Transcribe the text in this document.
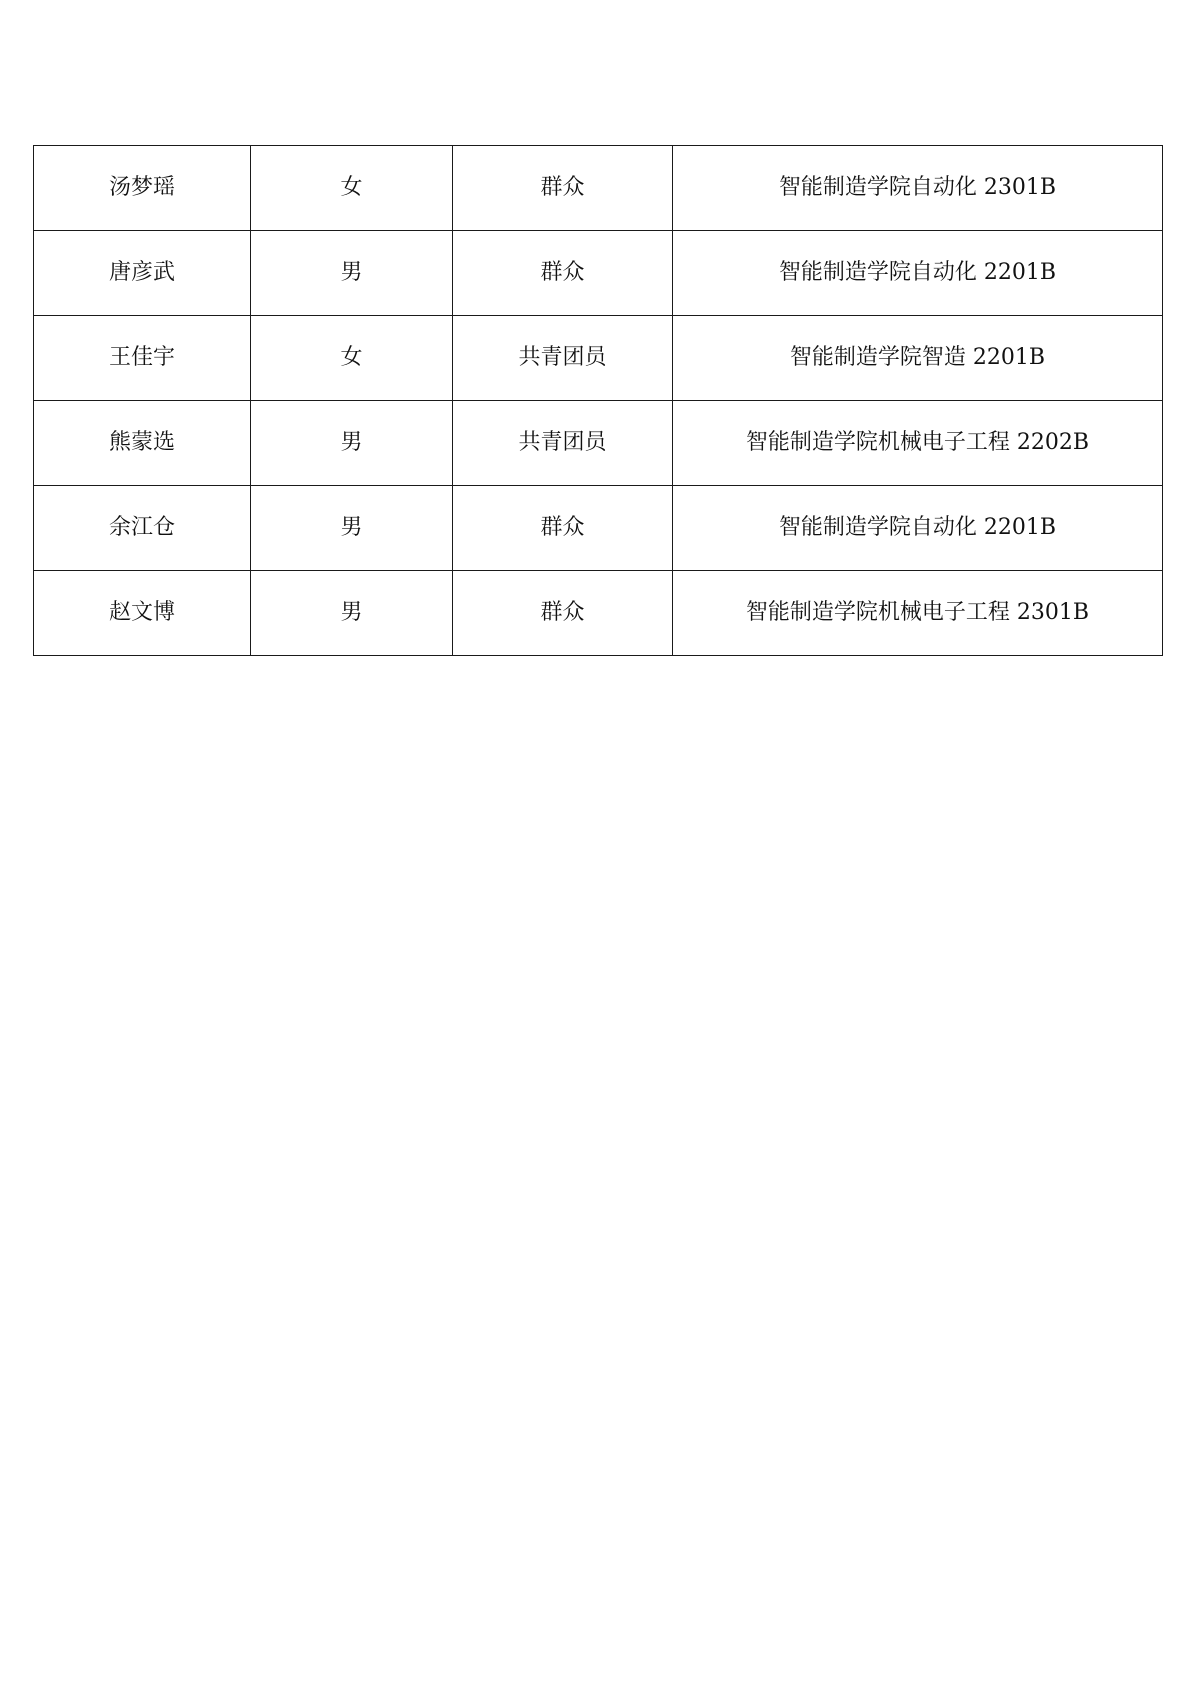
汤梦瑶	女	群众	智能制造学院自动化 2301B
唐彦武	男	群众	智能制造学院自动化 2201B
王佳宇	女	共青团员	智能制造学院智造 2201B
熊蒙选	男	共青团员	智能制造学院机械电子工程 2202B
余江仓	男	群众	智能制造学院自动化 2201B
赵文博	男	群众	智能制造学院机械电子工程 2301B
